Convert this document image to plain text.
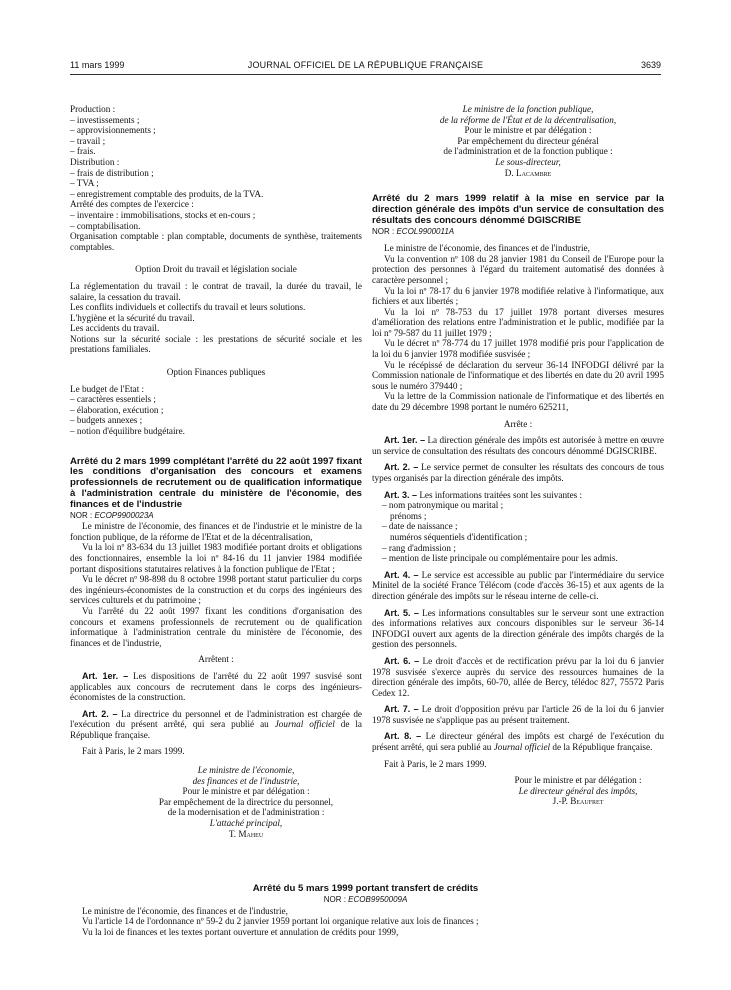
11 mars 1999	JOURNAL OFFICIEL DE LA RÉPUBLIQUE FRANÇAISE	3639

Production :

– investissements ;

– approvisionnements ;

– travail ;

– frais.

Distribution :

– frais de distribution ;

– TVA ;

– enregistrement comptable des produits, de la TVA.

Arrêté des comptes de l'exercice :

– inventaire : immobilisations, stocks et en-cours ;

– comptabilisation.

Organisation comptable : plan comptable, documents de synthèse, traitements comptables.

Option Droit du travail et législation sociale

La réglementation du travail : le contrat de travail, la durée du travail, le salaire, la cessation du travail.

Les conflits individuels et collectifs du travail et leurs solutions.

L'hygiène et la sécurité du travail.

Les accidents du travail.

Notions sur la sécurité sociale : les prestations de sécurité sociale et les prestations familiales.

Option Finances publiques

Le budget de l'Etat :

– caractères essentiels ;

– élaboration, exécution ;

– budgets annexes ;

– notion d'équilibre budgétaire.

Arrêté du 2 mars 1999 complétant l'arrêté du 22 août 1997 fixant les conditions d'organisation des concours et examens professionnels de recrutement ou de qualification informatique à l'administration centrale du ministère de l'économie, des finances et de l'industrie

NOR : ECOP9900023A

Le ministre de l'économie, des finances et de l'industrie et le ministre de la fonction publique, de la réforme de l'Etat et de la décentralisation,

Vu la loi nº 83-634 du 13 juillet 1983 modifiée portant droits et obligations des fonctionnaires, ensemble la loi nº 84-16 du 11 janvier 1984 modifiée portant dispositions statutaires relatives à la fonction publique de l'Etat ;

Vu le décret nº 98-898 du 8 octobre 1998 portant statut particulier du corps des ingénieurs-économistes de la construction et du corps des ingénieurs des services culturels et du patrimoine ;

Vu l'arrêté du 22 août 1997 fixant les conditions d'organisation des concours et examens professionnels de recrutement ou de qualification informatique à l'administration centrale du ministère de l'économie, des finances et de l'industrie,

Arrêtent :

Art. 1er. – Les dispositions de l'arrêté du 22 août 1997 susvisé sont applicables aux concours de recrutement dans le corps des ingénieurs-économistes de la construction.

Art. 2. – La directrice du personnel et de l'administration est chargée de l'exécution du présent arrêté, qui sera publié au Journal officiel de la République française.

Fait à Paris, le 2 mars 1999.

Le ministre de l'économie,

des finances et de l'industrie,

Pour le ministre et par délégation :

Par empêchement de la directrice du personnel,

de la modernisation et de l'administration :

L'attaché principal,

T. Maheu

Le ministre de la fonction publique,

de la réforme de l'État et de la décentralisation,

Pour le ministre et par délégation :

Par empêchement du directeur général

de l'administration et de la fonction publique :

Le sous-directeur,

D. Lacambre

Arrêté du 2 mars 1999 relatif à la mise en service par la direction générale des impôts d'un service de consultation des résultats des concours dénommé DGISCRIBE

NOR : ECOL9900011A

Le ministre de l'économie, des finances et de l'industrie,

Vu la convention nº 108 du 28 janvier 1981 du Conseil de l'Europe pour la protection des personnes à l'égard du traitement automatisé des données à caractère personnel ;

Vu la loi nº 78-17 du 6 janvier 1978 modifiée relative à l'informatique, aux fichiers et aux libertés ;

Vu la loi nº 78-753 du 17 juillet 1978 portant diverses mesures d'amélioration des relations entre l'administration et le public, modifiée par la loi nº 79-587 du 11 juillet 1979 ;

Vu le décret nº 78-774 du 17 juillet 1978 modifié pris pour l'application de la loi du 6 janvier 1978 modifiée susvisée ;

Vu le récépissé de déclaration du serveur 36-14 INFODGI délivré par la Commission nationale de l'informatique et des libertés en date du 20 avril 1995 sous le numéro 379440 ;

Vu la lettre de la Commission nationale de l'informatique et des libertés en date du 29 décembre 1998 portant le numéro 625211,

Arrête :

Art. 1er. – La direction générale des impôts est autorisée à mettre en œuvre un service de consultation des résultats des concours dénommé DGISCRIBE.

Art. 2. – Le service permet de consulter les résultats des concours de tous types organisés par la direction générale des impôts.

Art. 3. – Les informations traitées sont les suivantes :

– nom patronymique ou marital ;

prénoms ;

– date de naissance ;

numéros séquentiels d'identification ;

– rang d'admission ;

– mention de liste principale ou complémentaire pour les admis.

Art. 4. – Le service est accessible au public par l'intermédiaire du service Minitel de la société France Télécom (code d'accès 36-15) et aux agents de la direction générale des impôts sur le réseau interne de celle-ci.

Art. 5. – Les informations consultables sur le serveur sont une extraction des informations relatives aux concours disponibles sur le serveur 36-14 INFODGI ouvert aux agents de la direction générale des impôts chargés de la gestion des personnels.

Art. 6. – Le droit d'accès et de rectification prévu par la loi du 6 janvier 1978 susvisée s'exerce auprès du service des ressources humaines de la direction générale des impôts, 60-70, allée de Bercy, télédoc 827, 75572 Paris Cedex 12.

Art. 7. – Le droit d'opposition prévu par l'article 26 de la loi du 6 janvier 1978 susvisée ne s'applique pas au présent traitement.

Art. 8. – Le directeur général des impôts est chargé de l'exécution du présent arrêté, qui sera publié au Journal officiel de la République française.

Fait à Paris, le 2 mars 1999.

Pour le ministre et par délégation :

Le directeur général des impôts,

J.-P. Beaufret

Arrêté du 5 mars 1999 portant transfert de crédits

NOR : ECOB9950009A

Le ministre de l'économie, des finances et de l'industrie,

Vu l'article 14 de l'ordonnance nº 59-2 du 2 janvier 1959 portant loi organique relative aux lois de finances ;

Vu la loi de finances et les textes portant ouverture et annulation de crédits pour 1999,
